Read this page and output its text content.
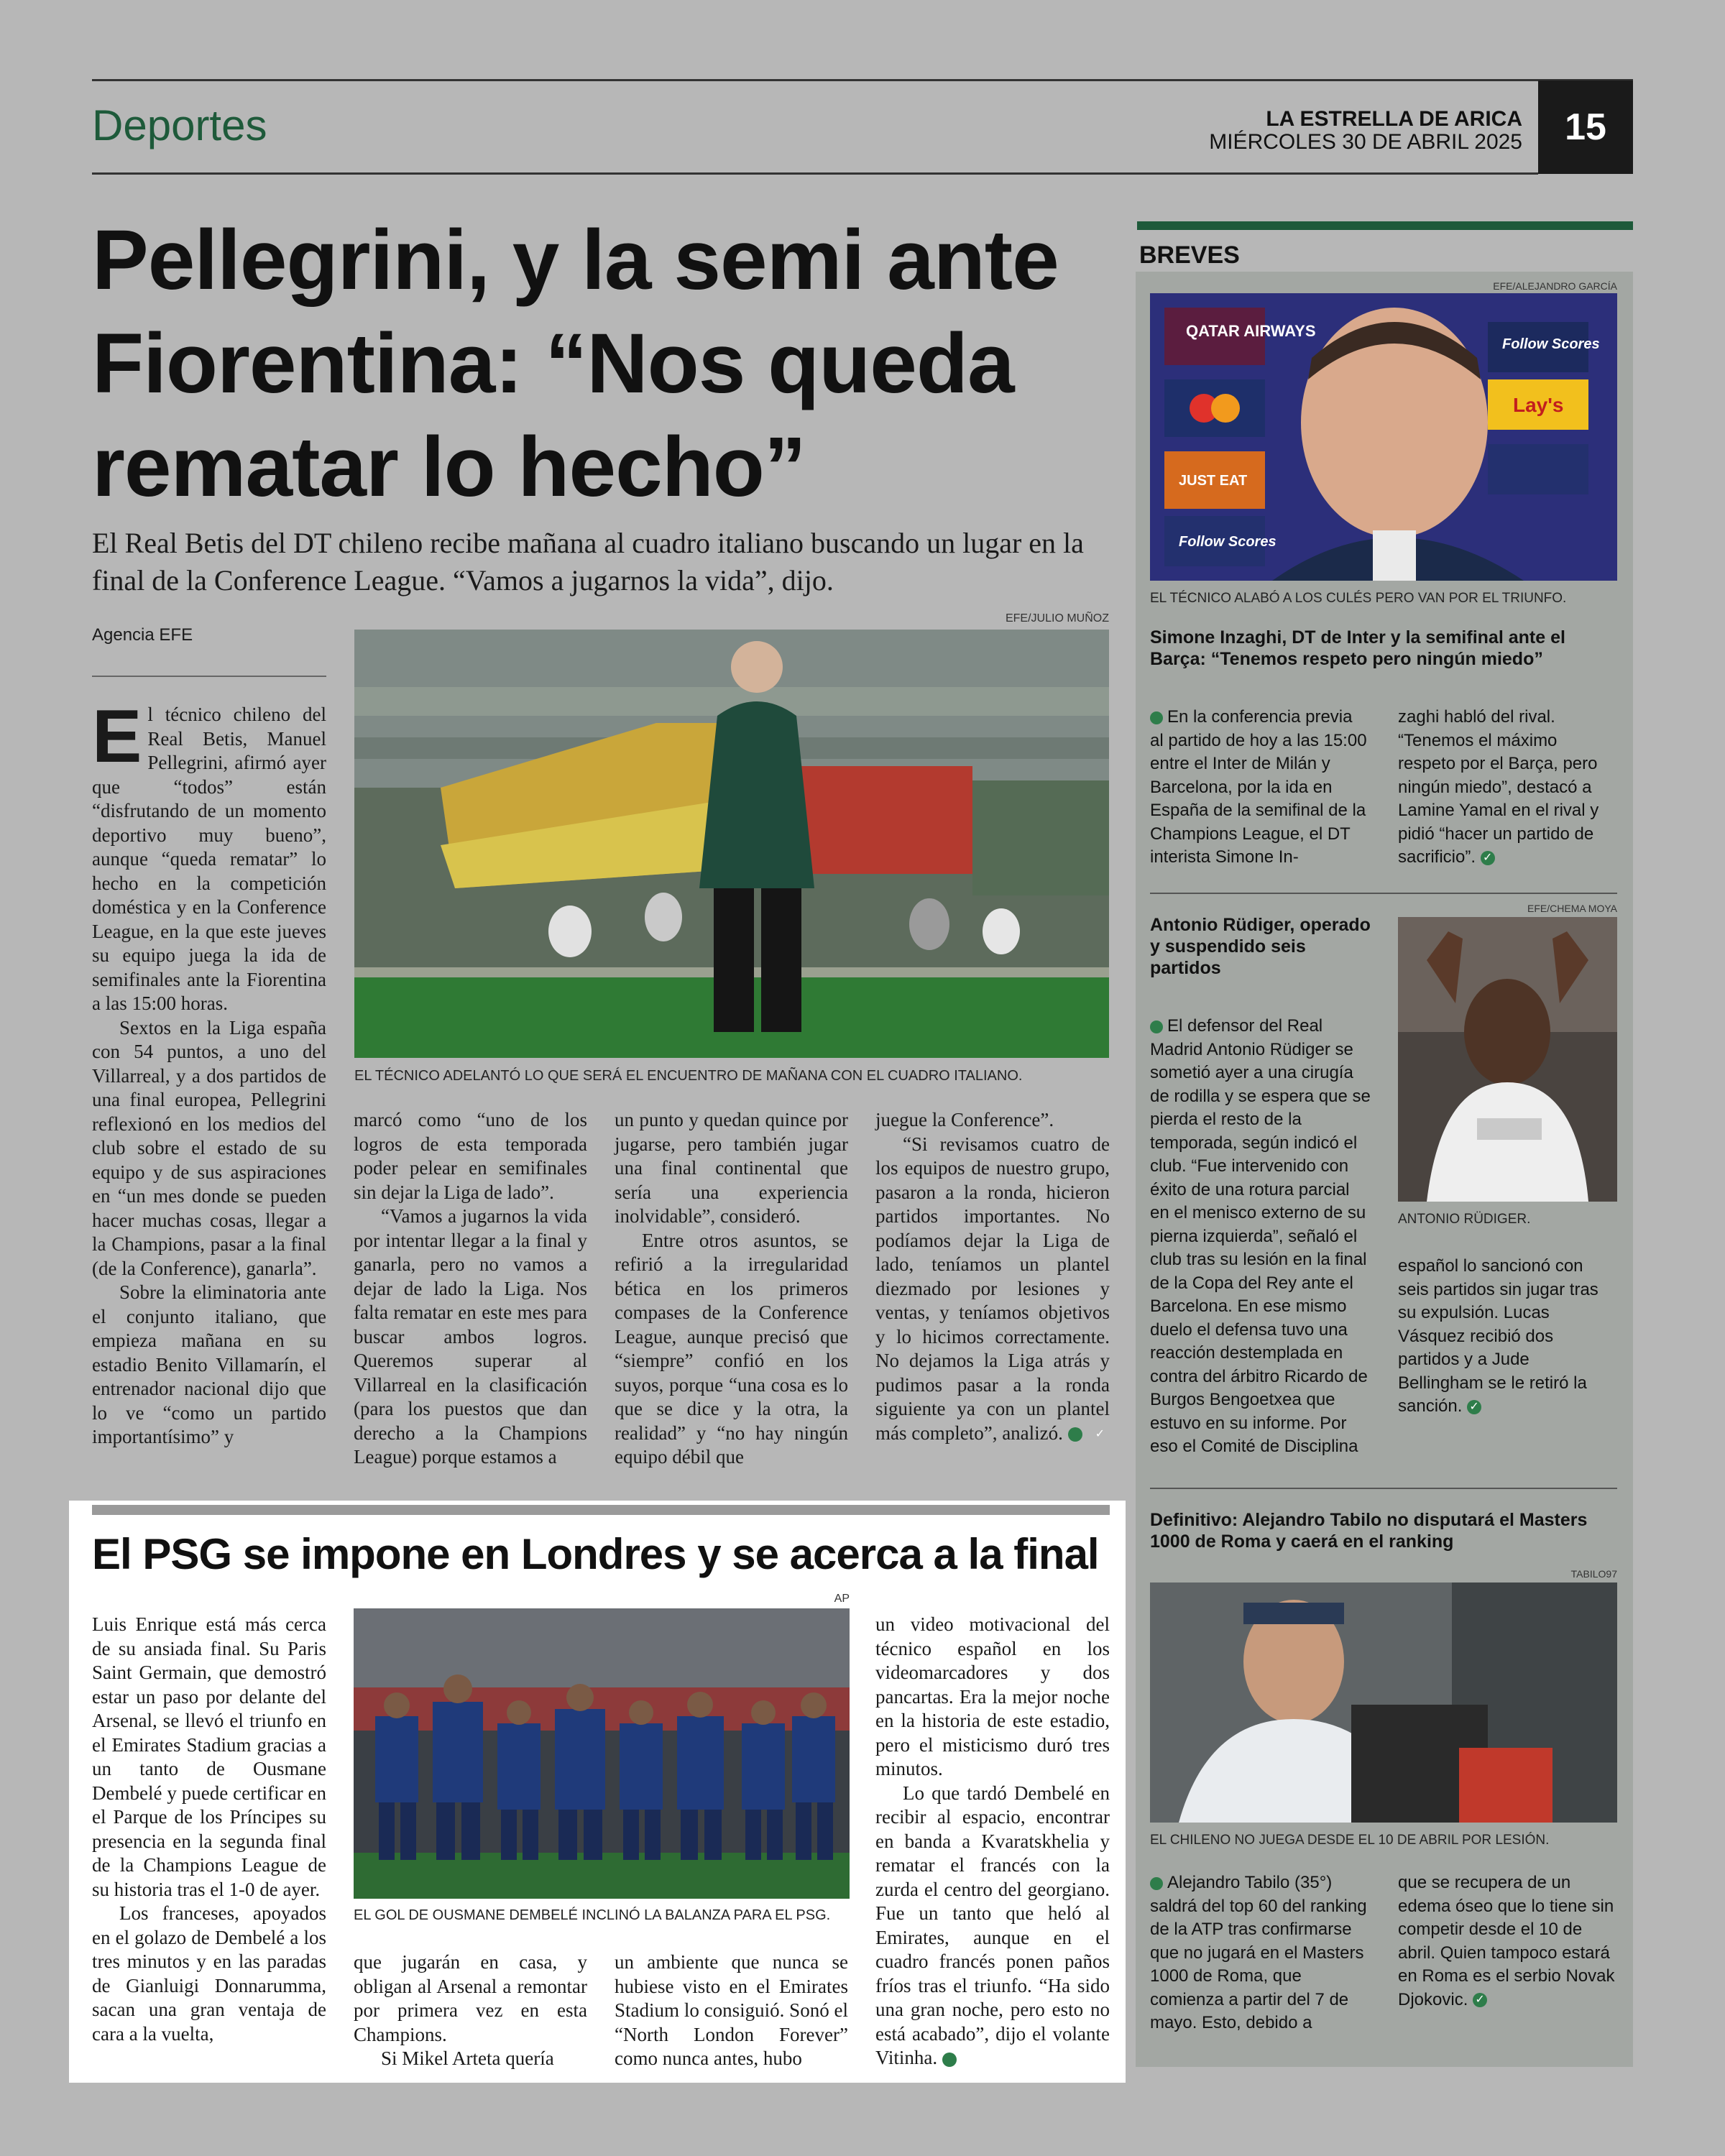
Deportes	LA ESTRELLA DE ARICA
MIÉRCOLES 30 DE ABRIL 2025	15
Pellegrini, y la semi ante Fiorentina: “Nos queda rematar lo hecho”
El Real Betis del DT chileno recibe mañana al cuadro italiano buscando un lugar en la final de la Conference League. “Vamos a jugarnos la vida”, dijo.
Agencia EFE
EFE/JULIO MUÑOZ
EL TÉCNICO ADELANTÓ LO QUE SERÁ EL ENCUENTRO DE MAÑANA CON EL CUADRO ITALIANO.

El técnico chileno del Real Betis, Manuel Pellegrini, afirmó ayer que “todos” están “disfrutando de un momento deportivo muy bueno”, aunque “queda rematar” lo hecho en la competición doméstica y en la Conference League, en la que este jueves su equipo juega la ida de semifinales ante la Fiorentina a las 15:00 horas.

Sextos en la Liga españa con 54 puntos, a uno del Villarreal, y a dos partidos de una final europea, Pellegrini reflexionó en los medios del club sobre el estado de su equipo y de sus aspiraciones en “un mes donde se pueden hacer muchas cosas, llegar a la Champions, pasar a la final (de la Conference), ganarla”.

Sobre la eliminatoria ante el conjunto italiano, que empieza mañana en su estadio Benito Villamarín, el entrenador nacional dijo que lo ve “como un partido importantísimo” y

marcó como “uno de los logros de esta temporada poder pelear en semifinales sin dejar la Liga de lado”.

“Vamos a jugarnos la vida por intentar llegar a la final y ganarla, pero no vamos a dejar de lado la Liga. Nos falta rematar en este mes para buscar ambos logros. Queremos superar al Villarreal en la clasificación (para los puestos que dan derecho a la Champions League) porque estamos a

un punto y quedan quince por jugarse, pero también jugar una final continental que sería una experiencia inolvidable”, consideró.

Entre otros asuntos, se refirió a la irregularidad bética en los primeros compases de la Conference League, aunque precisó que “siempre” confió en los suyos, porque “una cosa es lo que se dice y la otra, la realidad” y “no hay ningún equipo débil que

juegue la Conference”.

“Si revisamos cuatro de los equipos de nuestro grupo, pasaron a la ronda, hicieron partidos importantes. No podíamos dejar la Liga de lado, teníamos un plantel diezmado por lesiones y ventas, y teníamos objetivos y lo hicimos correctamente. No dejamos la Liga atrás y pudimos pasar a la ronda siguiente ya con un plantel más completo”, analizó.	✓

El PSG se impone en Londres y se acerca a la final
AP
EL GOL DE OUSMANE DEMBELÉ INCLINÓ LA BALANZA PARA EL PSG.

Luis Enrique está más cerca de su ansiada final. Su Paris Saint Germain, que demostró estar un paso por delante del Arsenal, se llevó el triunfo en el Emirates Stadium gracias a un tanto de Ousmane Dembelé y puede certificar en el Parque de los Príncipes su presencia en la segunda final de la Champions League de su historia tras el 1-0 de ayer.

Los franceses, apoyados en el golazo de Dembelé a los tres minutos y en las paradas de Gianluigi Donnarumma, sacan una gran ventaja de cara a la vuelta,

que jugarán en casa, y obligan al Arsenal a remontar por primera vez en esta Champions.

Si Mikel Arteta quería

un ambiente que nunca se hubiese visto en el Emirates Stadium lo consiguió. Sonó el “North London Forever” como nunca antes, hubo

un video motivacional del técnico español en los videomarcadores y dos pancartas. Era la mejor noche en la historia de este estadio, pero el misticismo duró tres minutos.

Lo que tardó Dembelé en recibir al espacio, encontrar en banda a Kvaratskhelia y rematar el francés con la zurda el centro del georgiano. Fue un tanto que heló al Emirates, aunque en el cuadro francés ponen paños fríos tras el triunfo. “Ha sido una gran noche, pero esto no está acabado”, dijo el volante Vitinha.	✓

BREVES
EFE/ALEJANDRO GARCÍA
QATAR AIRWAYS
Follow Scores
Lay's
JUST EAT
Follow Scores
EL TÉCNICO ALABÓ A LOS CULÉS PERO VAN POR EL TRIUNFO.
Simone Inzaghi, DT de Inter y la semifinal ante el Barça: “Tenemos respeto pero ningún miedo”

En la conferencia previa al partido de hoy a las 15:00 entre el Inter de Milán y Barcelona, por la ida en España de la semifinal de la Champions League, el DT interista Simone In-

zaghi habló del rival. “Tenemos el máximo respeto por el Barça, pero ningún miedo”, destacó a Lamine Yamal en el rival y pidió “hacer un partido de sacrificio”. ✓

Antonio Rüdiger, operado y suspendido seis partidos
EFE/CHEMA MOYA
ANTONIO RÜDIGER.

El defensor del Real Madrid Antonio Rüdiger se sometió ayer a una cirugía de rodilla y se espera que se pierda el resto de la temporada, según indicó el club. “Fue intervenido con éxito de una rotura parcial en el menisco externo de su pierna izquierda”, señaló el club tras su lesión en la final de la Copa del Rey ante el Barcelona. En ese mismo duelo el defensa tuvo una reacción destemplada en contra del árbitro Ricardo de Burgos Bengoetxea que estuvo en su informe. Por eso el Comité de Disciplina

español lo sancionó con seis partidos sin jugar tras su expulsión. Lucas Vásquez recibió dos partidos y a Jude Bellingham se le retiró la sanción. ✓

Definitivo: Alejandro Tabilo no disputará el Masters 1000 de Roma y caerá en el ranking
TABILO97
EL CHILENO NO JUEGA DESDE EL 10 DE ABRIL POR LESIÓN.

Alejandro Tabilo (35°) saldrá del top 60 del ranking de la ATP tras confirmarse que no jugará en el Masters 1000 de Roma, que comienza a partir del 7 de mayo. Esto, debido a

que se recupera de un edema óseo que lo tiene sin competir desde el 10 de abril. Quien tampoco estará en Roma es el serbio Novak Djokovic. ✓
